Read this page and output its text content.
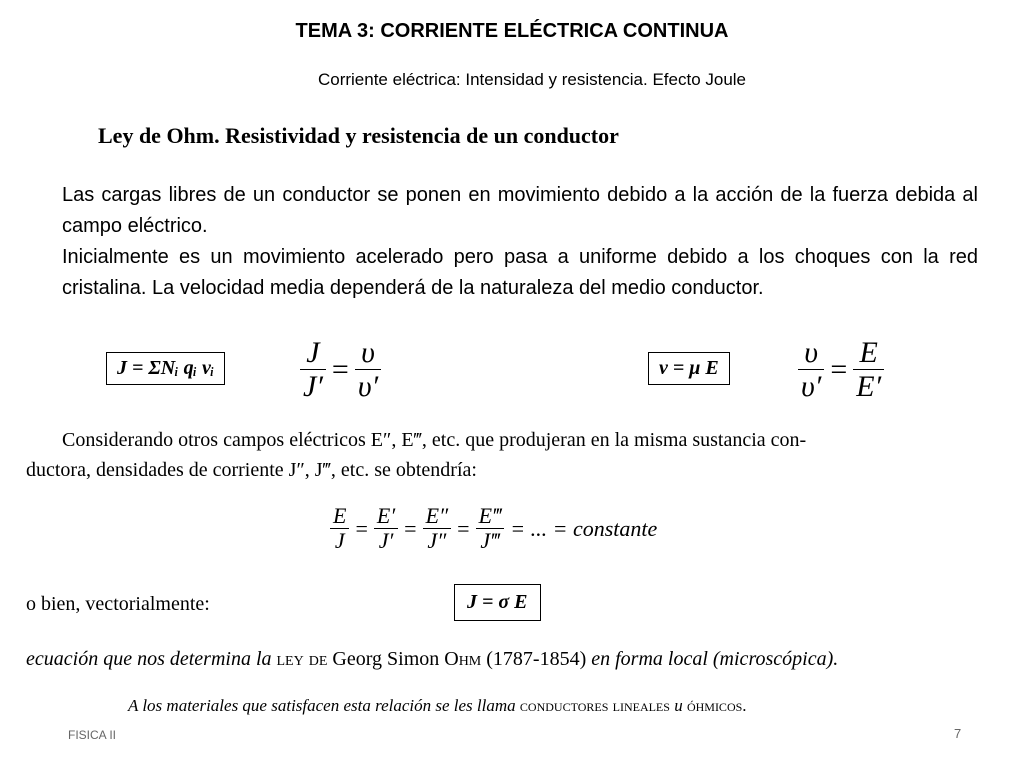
TEMA 3: CORRIENTE ELÉCTRICA CONTINUA
Corriente eléctrica: Intensidad y resistencia. Efecto Joule
Ley de Ohm. Resistividad y resistencia de un conductor
Las cargas libres de un conductor se ponen en movimiento debido a la acción de la fuerza debida al campo eléctrico.
Inicialmente es un movimiento acelerado pero pasa a uniforme debido a los choques con la red cristalina. La velocidad media dependerá de la naturaleza del medio conductor.
J = ΣNᵢ qᵢ vᵢ	$\frac{J}{J'} = \frac{\upsilon}{\upsilon'}$	v = μ E	$\frac{\upsilon}{\upsilon'} = \frac{E}{E'}$
Considerando otros campos eléctricos E″, E‴, etc. que produjeran en la misma sustancia con-
ductora, densidades de corriente J″, J‴, etc. se obtendría:
$\frac{E}{J} = \frac{E'}{J'} = \frac{E''}{J''} = \frac{E‴}{J‴}$ = ... = constante
o bien, vectorialmente:	J = σ E
ecuación que nos determina la ley de Georg Simon Ohm (1787-1854) en forma local (microscópica).
A los materiales que satisfacen esta relación se les llama conductores lineales u óhmicos.
FISICA II	7
